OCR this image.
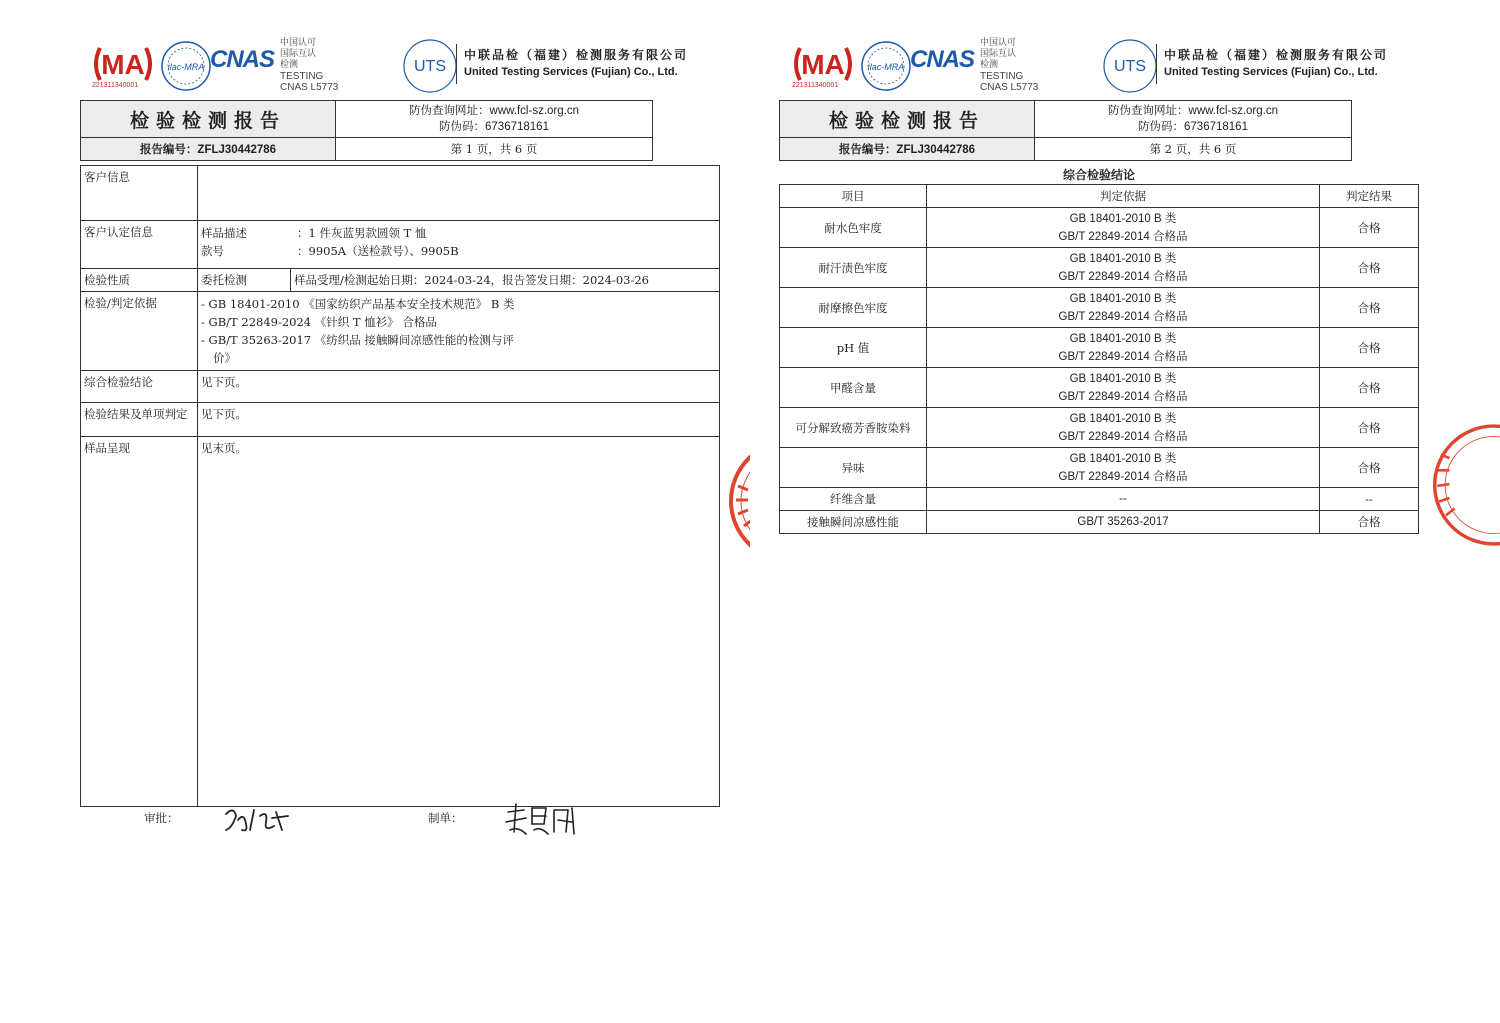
MA
221311340001
ilac-MRA CNAS
中国认可
国际互认
检测
TESTING
CNAS L5773
UTS
中联品检（福建）检测服务有限公司
United Testing Services (Fujian) Co., Ltd.
检验检测报告	防伪查询网址：www.fcl-sz.org.cn
防伪码：6736718161

报告编号：ZFLJ30442786	第 1 页，共 6 页
客户信息		
客户认定信息	样品描述 ：1 件灰蓝男款圆领 T 恤
款号 ：9905A（送检款号）、9905B	

检验性质	委托检测	样品受理/检测起始日期：2024-03-24，报告签发日期：2024-03-26
检验/判定依据	- GB 18401-2010 《国家纺织产品基本安全技术规范》 B 类
- GB/T 22849-2024 《针织 T 恤衫》 合格品
- GB/T 35263-2017 《纺织品 接触瞬间凉感性能的检测与评
价》	

综合检验结论	见下页。	
检验结果及单项判定	见下页。	
样品呈现	见末页。	
审批：	制单：
MA
221311340001
ilac-MRA CNAS
中国认可
国际互认
检测
TESTING
CNAS L5773
UTS
中联品检（福建）检测服务有限公司
United Testing Services (Fujian) Co., Ltd.
检验检测报告	防伪查询网址：www.fcl-sz.org.cn
防伪码：6736718161

报告编号：ZFLJ30442786	第 2 页，共 6 页
综合检验结论
项目	判定依据	判定结果
耐水色牢度	GB 18401-2010 B 类
GB/T 22849-2014 合格品	合格
耐汗渍色牢度	GB 18401-2010 B 类
GB/T 22849-2014 合格品	合格
耐摩擦色牢度	GB 18401-2010 B 类
GB/T 22849-2014 合格品	合格
pH 值	GB 18401-2010 B 类
GB/T 22849-2014 合格品	合格
甲醛含量	GB 18401-2010 B 类
GB/T 22849-2014 合格品	合格
可分解致癌芳香胺染料	GB 18401-2010 B 类
GB/T 22849-2014 合格品	合格
异味	GB 18401-2010 B 类
GB/T 22849-2014 合格品	合格
纤维含量	--	--
接触瞬间凉感性能	GB/T 35263-2017	合格
